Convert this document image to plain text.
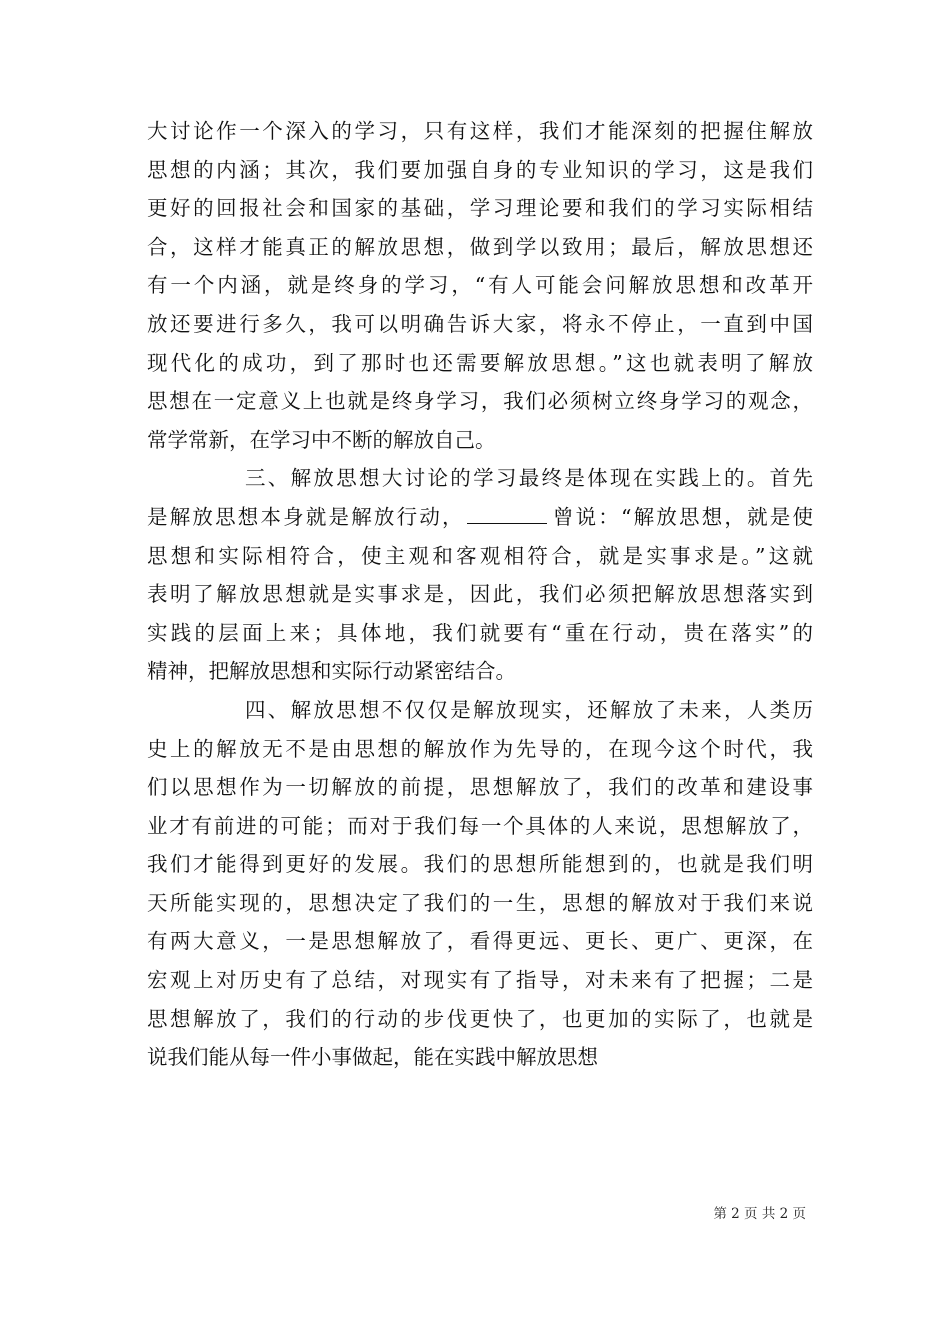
大讨论作一个深入的学习，只有这样，我们才能深刻的把握住解放
思想的内涵；其次，我们要加强自身的专业知识的学习，这是我们
更好的回报社会和国家的基础，学习理论要和我们的学习实际相结
合，这样才能真正的解放思想，做到学以致用；最后，解放思想还
有一个内涵，就是终身的学习，“有人可能会问解放思想和改革开
放还要进行多久，我可以明确告诉大家，将永不停止，一直到中国
现代化的成功，到了那时也还需要解放思想。”这也就表明了解放
思想在一定意义上也就是终身学习，我们必须树立终身学习的观念，
常学常新，在学习中不断的解放自己。
三、解放思想大讨论的学习最终是体现在实践上的。首先
是解放思想本身就是解放行动，	曾说：“解放思想，就是使
思想和实际相符合，使主观和客观相符合，就是实事求是。”这就
表明了解放思想就是实事求是，因此，我们必须把解放思想落实到
实践的层面上来；具体地，我们就要有“重在行动，贵在落实”的
精神，把解放思想和实际行动紧密结合。
四、解放思想不仅仅是解放现实，还解放了未来，人类历
史上的解放无不是由思想的解放作为先导的，在现今这个时代，我
们以思想作为一切解放的前提，思想解放了，我们的改革和建设事
业才有前进的可能；而对于我们每一个具体的人来说，思想解放了，
我们才能得到更好的发展。我们的思想所能想到的，也就是我们明
天所能实现的，思想决定了我们的一生，思想的解放对于我们来说
有两大意义，一是思想解放了，看得更远、更长、更广、更深，在
宏观上对历史有了总结，对现实有了指导，对未来有了把握；二是
思想解放了，我们的行动的步伐更快了，也更加的实际了，也就是
说我们能从每一件小事做起，能在实践中解放思想
第 2 页 共 2 页
